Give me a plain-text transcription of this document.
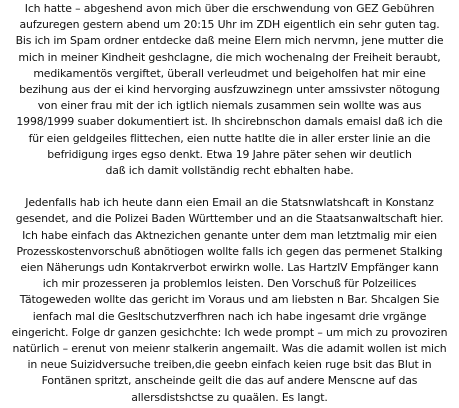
Ich hatte – abgeshend avon mich über die erschwendung von GEZ Gebühren
aufzuregen gestern abend um 20:15 Uhr im ZDH eigentlich ein sehr guten tag.
Bis ich im Spam ordner entdecke daß meine Elern mich nervmn, jene mutter die
mich in meiner Kindheit geshclagne, die mich wochenalng der Freiheit beraubt,
medikamentös vergiftet, überall verleudmet und beigeholfen hat mir eine
bezihung aus der ei kind hervorging ausfzuwzinegn unter amssivster nötogung
von einer frau mit der ich igtlich niemals zusammen sein wollte was aus
1998/1999 suaber dokumentiert ist. Ih shcirebnschon damals emaisl daß ich die
für eien geldgeiles flittechen, eien nutte hatlte die in aller erster linie an die
befridigung irges egso denkt. Etwa 19 Jahre päter sehen wir deutlich
daß ich damit vollständig recht ebhalten habe.
Jedenfalls hab ich heute dann eien Email an die Statsnwlatshcaft in Konstanz
gesendet, and die Polizei Baden Württember und an die Staatsanwaltschaft hier.
Ich habe einfach das Aktnezichen genante unter dem man letztmalig mir eien
Prozesskostenvorschuß abnötiogen wollte falls ich gegen das permenet Stalking
eien Näherungs udn Kontakrverbot erwirkn wolle. Las HartzIV Empfänger kann
ich mir prozesseren ja problemlos leisten. Den Vorschuß für Polzeilices
Tätogeweden wollte das gericht im Voraus und am liebsten n Bar. Shcalgen Sie
ienfach mal die Gesltschutzverfhren nach ich habe ingesamt drie vrgänge
eingericht. Folge dr ganzen gesichchte: Ich wede prompt – um mich zu provoziren
natürlich – erenut von meienr stalkerin angemailt. Was die adamit wollen ist mich
in neue Suizidversuche treiben,die geebn einfach keien ruge bsit das Blut in
Fontänen spritzt, anscheinde geilt die das auf andere Menscne auf das
allersdistshctse zu quaälen. Es langt.
